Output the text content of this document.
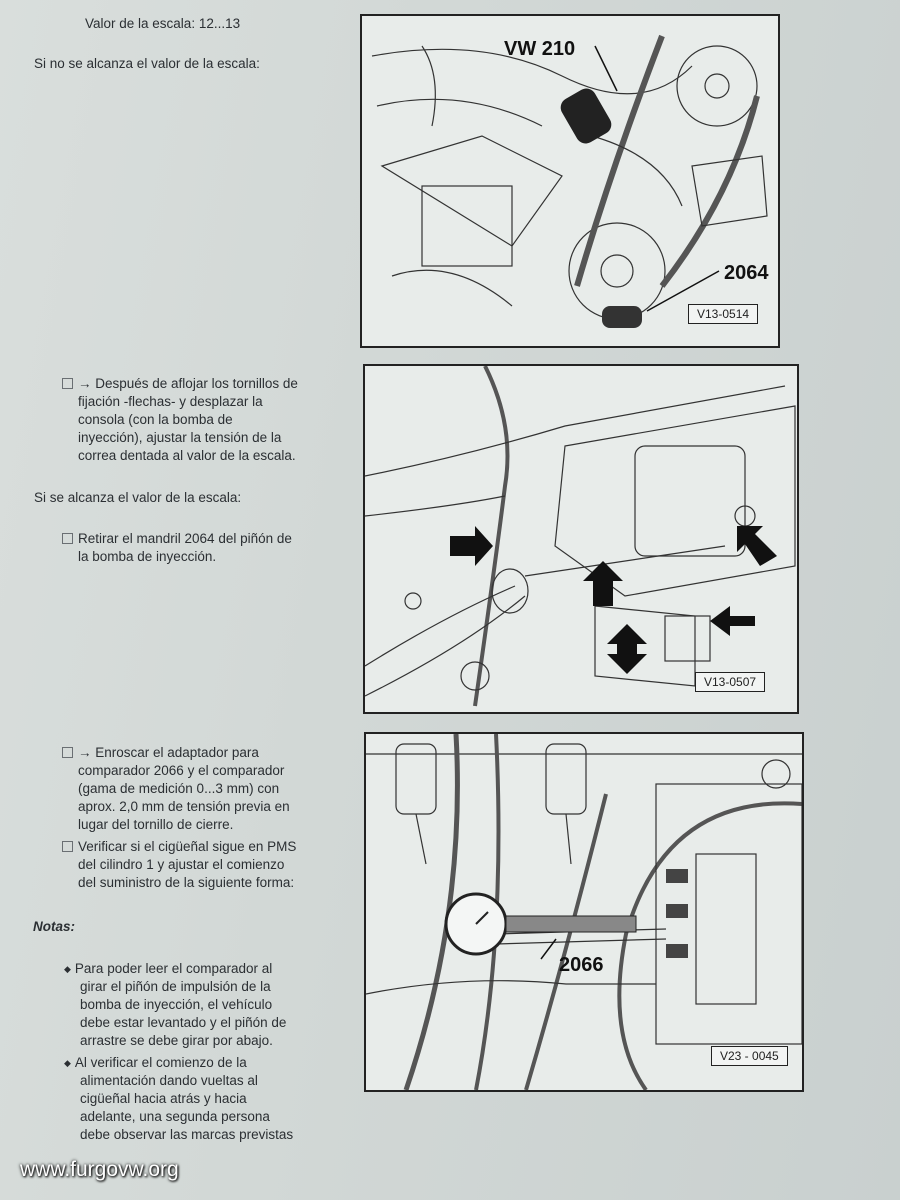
Valor de la escala: 12...13
Si no se alcanza el valor de la escala:
VW 210
2064
V13-0514
→ Después de aflojar los tornillos de
fijación -flechas- y desplazar la
consola (con la bomba de
inyección), ajustar la tensión de la
correa dentada al valor de la escala.
Si se alcanza el valor de la escala:
Retirar el mandril 2064 del piñón de
la bomba de inyección.
V13-0507
→ Enroscar el adaptador para
comparador 2066 y el comparador
(gama de medición 0...3 mm) con
aprox. 2,0 mm de tensión previa en
lugar del tornillo de cierre.
Verificar si el cigüeñal sigue en PMS
del cilindro 1 y ajustar el comienzo
del suministro de la siguiente forma:
Notas:
◆ Para poder leer el comparador al
girar el piñón de impulsión de la
bomba de inyección, el vehículo
debe estar levantado y el piñón de
arrastre se debe girar por abajo.
◆ Al verificar el comienzo de la
alimentación dando vueltas al
cigüeñal hacia atrás y hacia
adelante, una segunda persona
debe observar las marcas previstas
2066
V23 - 0045
www.furgovw.org
